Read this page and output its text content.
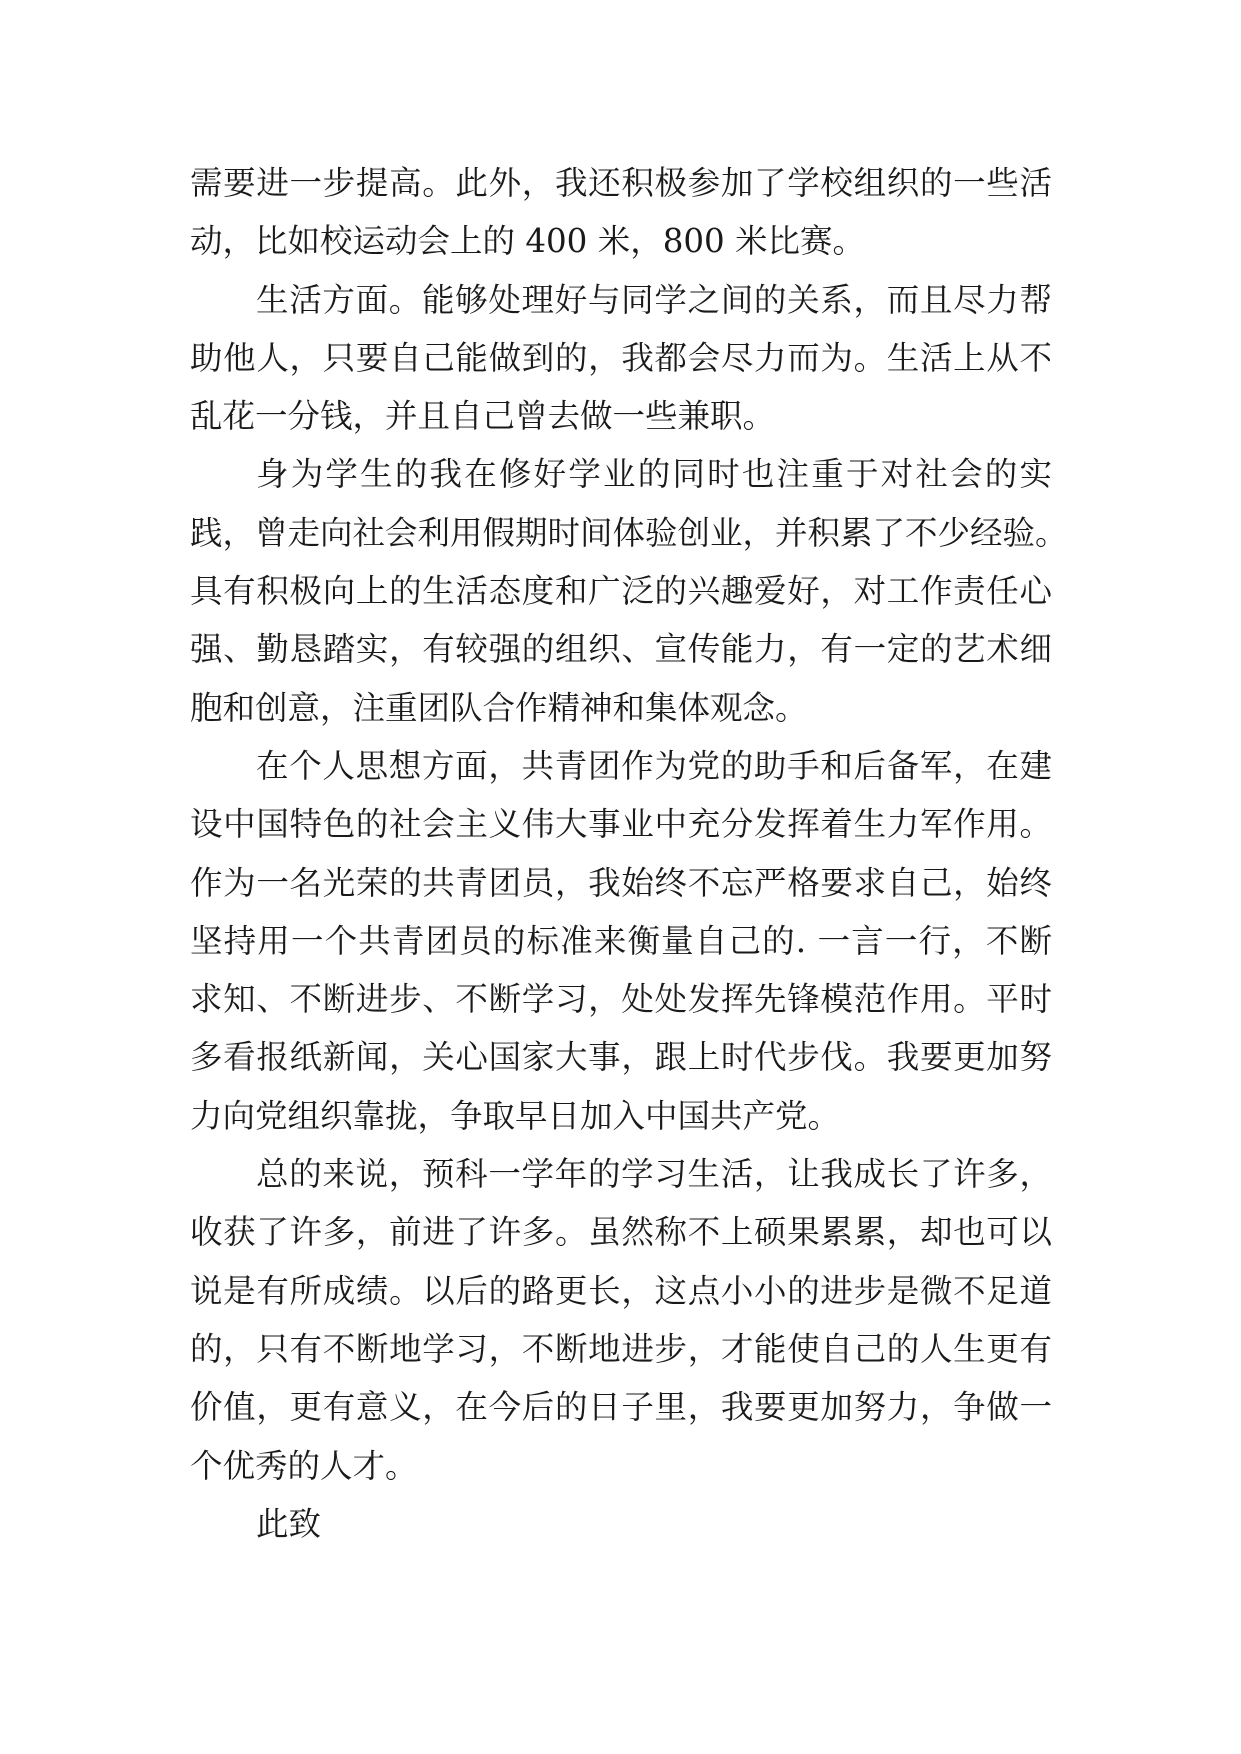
需要进一步提高。此外，我还积极参加了学校组织的一些活
动，比如校运动会上的 400 米，800 米比赛。
生活方面。能够处理好与同学之间的关系，而且尽力帮
助他人，只要自己能做到的，我都会尽力而为。生活上从不
乱花一分钱，并且自己曾去做一些兼职。
身为学生的我在修好学业的同时也注重于对社会的实
践，曾走向社会利用假期时间体验创业，并积累了不少经验。
具有积极向上的生活态度和广泛的兴趣爱好，对工作责任心
强、勤恳踏实，有较强的组织、宣传能力，有一定的艺术细
胞和创意，注重团队合作精神和集体观念。
在个人思想方面，共青团作为党的助手和后备军，在建
设中国特色的社会主义伟大事业中充分发挥着生力军作用。
作为一名光荣的共青团员，我始终不忘严格要求自己，始终
坚持用一个共青团员的标准来衡量自己的. 一言一行，不断
求知、不断进步、不断学习，处处发挥先锋模范作用。平时
多看报纸新闻，关心国家大事，跟上时代步伐。我要更加努
力向党组织靠拢，争取早日加入中国共产党。
总的来说，预科一学年的学习生活，让我成长了许多，
收获了许多，前进了许多。虽然称不上硕果累累，却也可以
说是有所成绩。以后的路更长，这点小小的进步是微不足道
的，只有不断地学习，不断地进步，才能使自己的人生更有
价值，更有意义，在今后的日子里，我要更加努力，争做一
个优秀的人才。
此致
